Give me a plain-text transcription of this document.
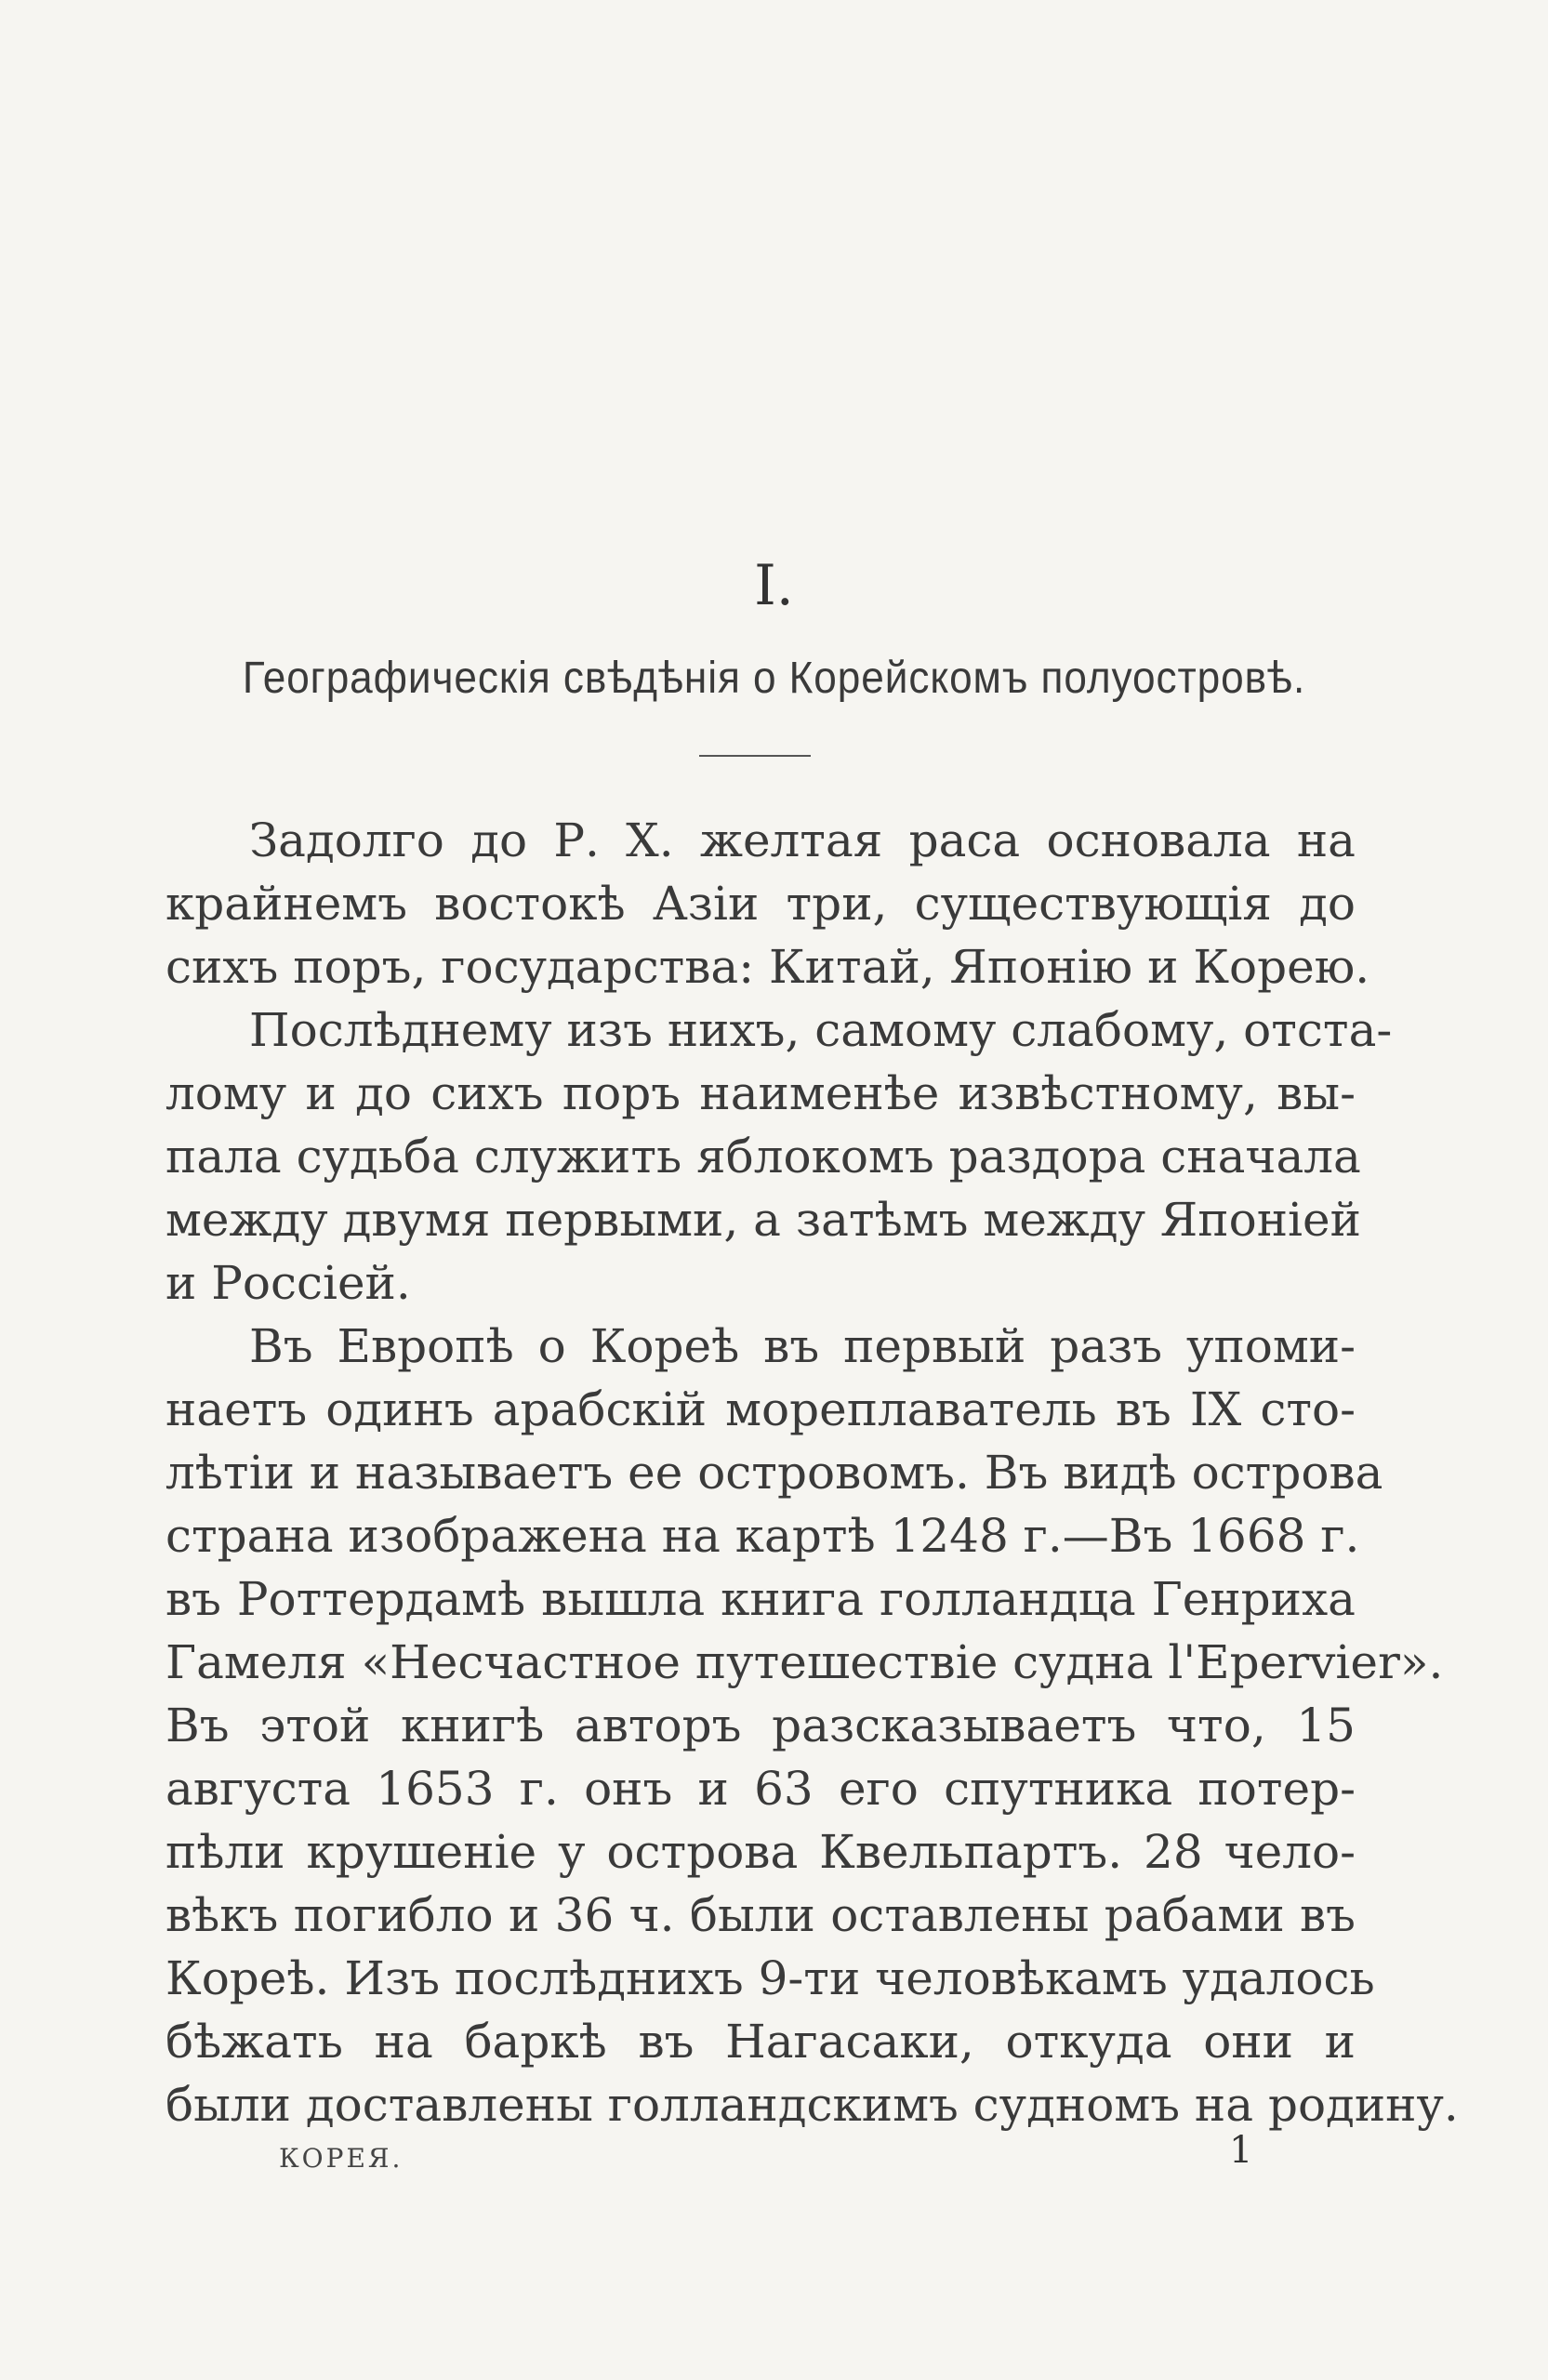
I.
Географическія свѣдѣнія о Корейскомъ полуостровѣ.
Задолго до Р. X. желтая раса основала на
крайнемъ востокѣ Азіи три, существующія до
сихъ поръ, государства: Китай, Японію и Корею.
Послѣднему изъ нихъ, самому слабому, отста-
лому и до сихъ поръ наименѣе извѣстному, вы-
пала судьба служить яблокомъ раздора сначала
между двумя первыми, а затѣмъ между Японіей
и Россіей.
Въ Европѣ о Кореѣ въ первый разъ упоми-
наетъ одинъ арабскій мореплаватель въ IX сто-
лѣтіи и называетъ ее островомъ. Въ видѣ острова
страна изображена на картѣ 1248 г.—Въ 1668 г.
въ Роттердамѣ вышла книга голландца Генриха
Гамеля «Несчастное путешествіе судна l'Epervier».
Въ этой книгѣ авторъ разсказываетъ что, 15
августа 1653 г. онъ и 63 его спутника потер-
пѣли крушеніе у острова Квельпартъ. 28 чело-
вѣкъ погибло и 36 ч. были оставлены рабами въ
Кореѣ. Изъ послѣднихъ 9-ти человѣкамъ удалось
бѣжать на баркѣ въ Нагасаки, откуда они и
были доставлены голландскимъ судномъ на родину.
КОРЕЯ.	1
